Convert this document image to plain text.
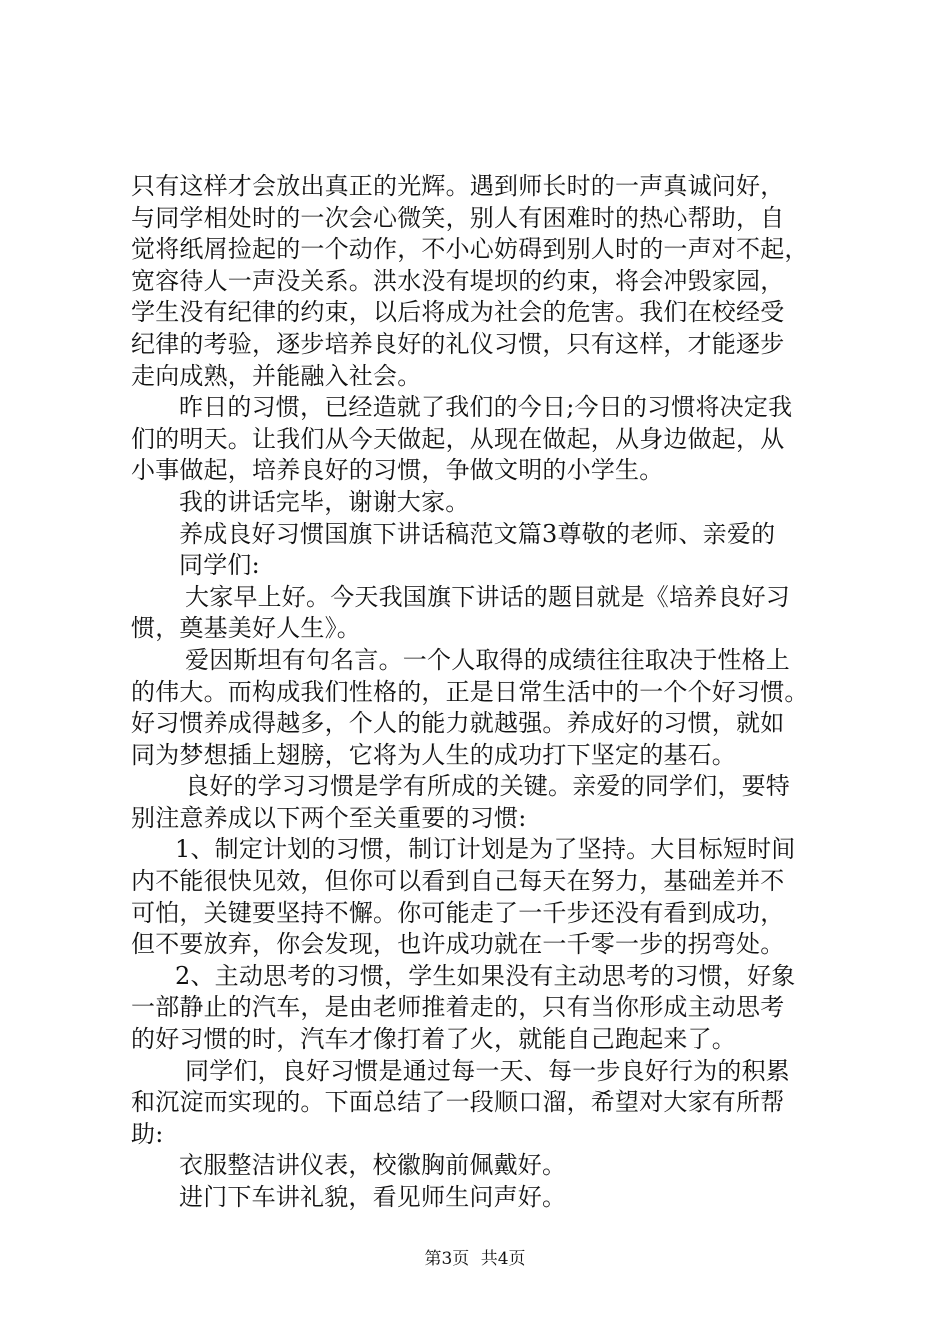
只有这样才会放出真正的光辉。遇到师长时的一声真诚问好，
与同学相处时的一次会心微笑，别人有困难时的热心帮助，自
觉将纸屑捡起的一个动作，不小心妨碍到别人时的一声对不起，
宽容待人一声没关系。洪水没有堤坝的约束，将会冲毁家园，
学生没有纪律的约束，以后将成为社会的危害。我们在校经受
纪律的考验，逐步培养良好的礼仪习惯，只有这样，才能逐步
走向成熟，并能融入社会。
昨日的习惯，已经造就了我们的今日;今日的习惯将决定我
们的明天。让我们从今天做起，从现在做起，从身边做起，从
小事做起，培养良好的习惯，争做文明的小学生。
我的讲话完毕，谢谢大家。
养成良好习惯国旗下讲话稿范文篇3尊敬的老师、亲爱的
同学们:
大家早上好。今天我国旗下讲话的题目就是《培养良好习
惯，奠基美好人生》。
爱因斯坦有句名言。一个人取得的成绩往往取决于性格上
的伟大。而构成我们性格的，正是日常生活中的一个个好习惯。
好习惯养成得越多，个人的能力就越强。养成好的习惯，就如
同为梦想插上翅膀，它将为人生的成功打下坚定的基石。
良好的学习习惯是学有所成的关键。亲爱的同学们，要特
别注意养成以下两个至关重要的习惯:
1、制定计划的习惯，制订计划是为了坚持。大目标短时间
内不能很快见效，但你可以看到自己每天在努力，基础差并不
可怕，关键要坚持不懈。你可能走了一千步还没有看到成功，
但不要放弃，你会发现，也许成功就在一千零一步的拐弯处。
2、主动思考的习惯，学生如果没有主动思考的习惯，好象
一部静止的汽车，是由老师推着走的，只有当你形成主动思考
的好习惯的时，汽车才像打着了火，就能自己跑起来了。
同学们，良好习惯是通过每一天、每一步良好行为的积累
和沉淀而实现的。下面总结了一段顺口溜，希望对大家有所帮
助:
衣服整洁讲仪表，校徽胸前佩戴好。
进门下车讲礼貌，看见师生问声好。
第3页 共4页
